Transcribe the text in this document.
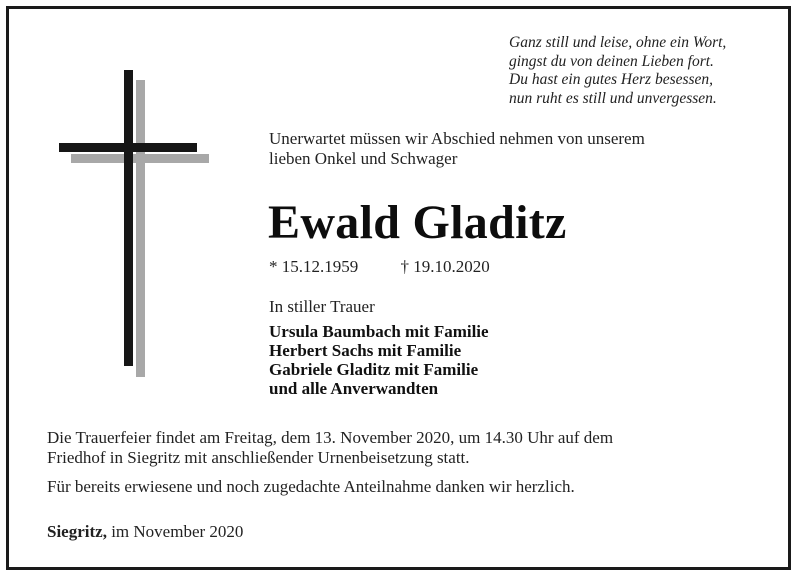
Ganz still und leise, ohne ein Wort,
gingst du von deinen Lieben fort.
Du hast ein gutes Herz besessen,
nun ruht es still und unvergessen.
Unerwartet müssen wir Abschied nehmen von unserem
lieben Onkel und Schwager
Ewald Gladitz
* 15.12.1959 † 19.10.2020
In stiller Trauer
Ursula Baumbach mit Familie
Herbert Sachs mit Familie
Gabriele Gladitz mit Familie
und alle Anverwandten
Die Trauerfeier findet am Freitag, dem 13. November 2020, um 14.30 Uhr auf dem
Friedhof in Siegritz mit anschließender Urnenbeisetzung statt.
Für bereits erwiesene und noch zugedachte Anteilnahme danken wir herzlich.
Siegritz, im November 2020
